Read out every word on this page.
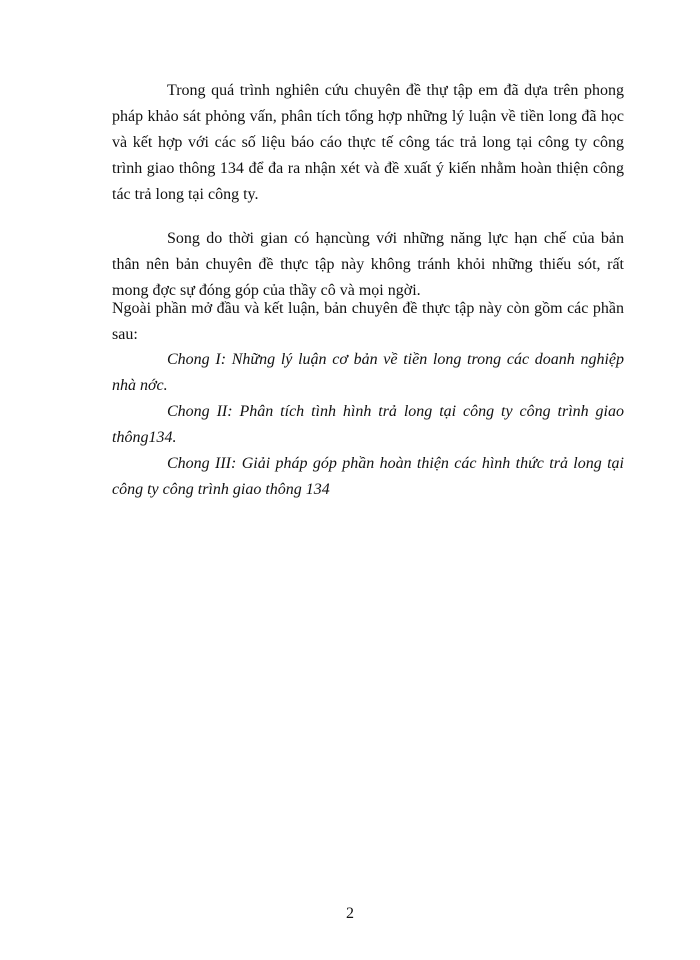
Trong quá trình nghiên cứu chuyên đề thự tập em đã dựa trên phong pháp khảo sát phỏng vấn, phân tích tổng hợp những lý luận về tiền long đã học và kết hợp với các số liệu báo cáo thực tế công tác trả long tại công ty công trình giao thông 134 để đa ra nhận xét và đề xuất ý kiến nhằm hoàn thiện công tác trả long tại công ty.

Song do thời gian có hạncùng với những năng lực hạn chế của bản thân nên bản chuyên đề thực tập này không tránh khỏi những thiếu sót, rất mong đợc sự đóng góp của thầy cô và mọi ngời.

Ngoài phần mở đầu và kết luận, bản chuyên đề thực tập này còn gồm các phần sau:

Chong I: Những lý luận cơ bản về tiền long trong các doanh nghiệp nhà nớc.

Chong II: Phân tích tình hình trả long tại công ty công trình giao thông134.

Chong III: Giải pháp góp phần hoàn thiện các hình thức trả long tại công ty công trình giao thông 134

2
